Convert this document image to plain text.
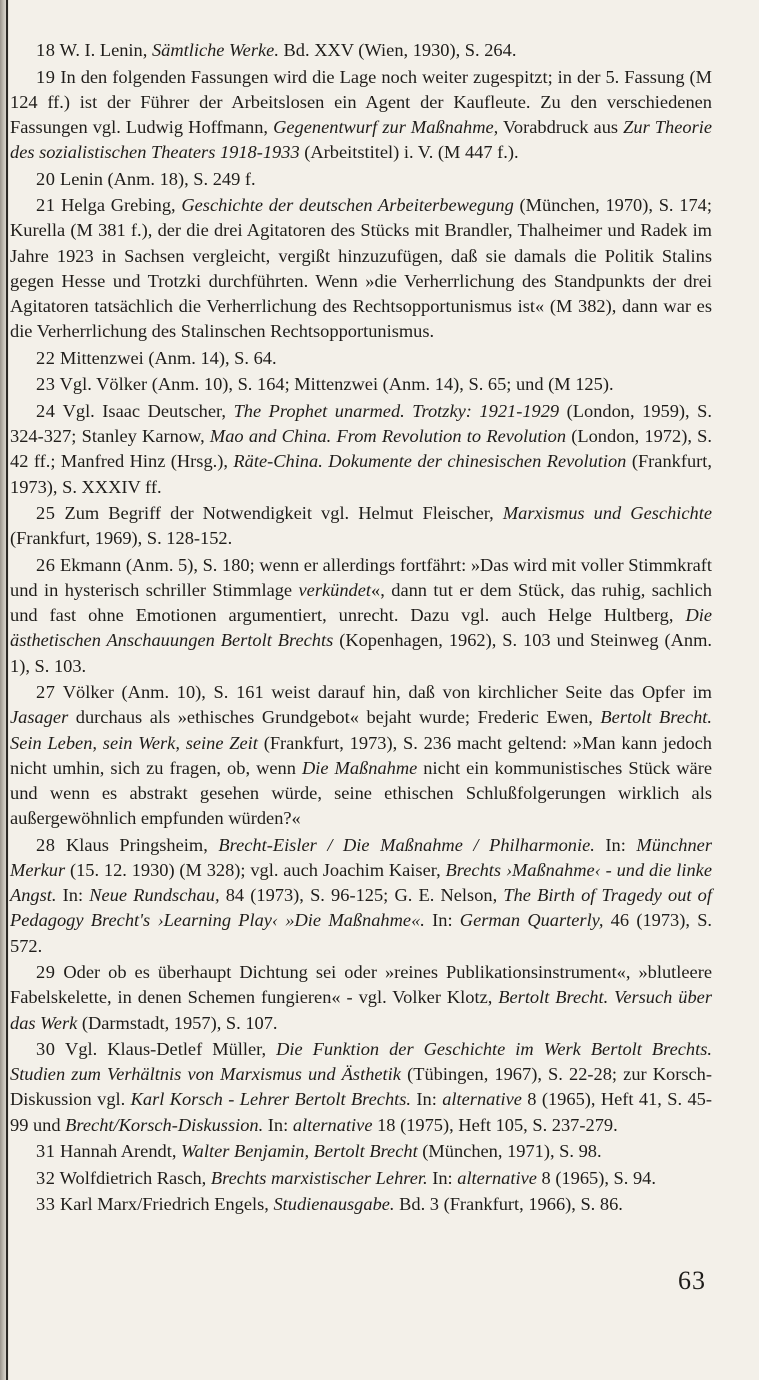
18 W. I. Lenin, Sämtliche Werke. Bd. XXV (Wien, 1930), S. 264.

19 In den folgenden Fassungen wird die Lage noch weiter zugespitzt; in der 5. Fassung (M 124 ff.) ist der Führer der Arbeitslosen ein Agent der Kaufleute. Zu den verschiedenen Fassungen vgl. Ludwig Hoffmann, Gegenentwurf zur Maßnahme, Vorabdruck aus Zur Theorie des sozialistischen Theaters 1918-1933 (Arbeitstitel) i. V. (M 447 f.).

20 Lenin (Anm. 18), S. 249 f.

21 Helga Grebing, Geschichte der deutschen Arbeiterbewegung (München, 1970), S. 174; Kurella (M 381 f.), der die drei Agitatoren des Stücks mit Brandler, Thalheimer und Radek im Jahre 1923 in Sachsen vergleicht, vergißt hinzuzufügen, daß sie damals die Politik Stalins gegen Hesse und Trotzki durchführten. Wenn »die Verherrlichung des Standpunkts der drei Agitatoren tatsächlich die Verherrlichung des Rechtsopportunismus ist« (M 382), dann war es die Verherrlichung des Stalinschen Rechtsopportunismus.

22 Mittenzwei (Anm. 14), S. 64.

23 Vgl. Völker (Anm. 10), S. 164; Mittenzwei (Anm. 14), S. 65; und (M 125).

24 Vgl. Isaac Deutscher, The Prophet unarmed. Trotzky: 1921-1929 (London, 1959), S. 324-327; Stanley Karnow, Mao and China. From Revolution to Revolution (London, 1972), S. 42 ff.; Manfred Hinz (Hrsg.), Räte-China. Dokumente der chinesischen Revolution (Frankfurt, 1973), S. XXXIV ff.

25 Zum Begriff der Notwendigkeit vgl. Helmut Fleischer, Marxismus und Geschichte (Frankfurt, 1969), S. 128-152.

26 Ekmann (Anm. 5), S. 180; wenn er allerdings fortfährt: »Das wird mit voller Stimmkraft und in hysterisch schriller Stimmlage verkündet«, dann tut er dem Stück, das ruhig, sachlich und fast ohne Emotionen argumentiert, unrecht. Dazu vgl. auch Helge Hultberg, Die ästhetischen Anschauungen Bertolt Brechts (Kopenhagen, 1962), S. 103 und Steinweg (Anm. 1), S. 103.

27 Völker (Anm. 10), S. 161 weist darauf hin, daß von kirchlicher Seite das Opfer im Jasager durchaus als »ethisches Grundgebot« bejaht wurde; Frederic Ewen, Bertolt Brecht. Sein Leben, sein Werk, seine Zeit (Frankfurt, 1973), S. 236 macht geltend: »Man kann jedoch nicht umhin, sich zu fragen, ob, wenn Die Maßnahme nicht ein kommunistisches Stück wäre und wenn es abstrakt gesehen würde, seine ethischen Schlußfolgerungen wirklich als außergewöhnlich empfunden würden?«

28 Klaus Pringsheim, Brecht-Eisler / Die Maßnahme / Philharmonie. In: Münchner Merkur (15. 12. 1930) (M 328); vgl. auch Joachim Kaiser, Brechts ›Maßnahme‹ - und die linke Angst. In: Neue Rundschau, 84 (1973), S. 96-125; G. E. Nelson, The Birth of Tragedy out of Pedagogy Brecht's ›Learning Play‹ »Die Maßnahme«. In: German Quarterly, 46 (1973), S. 572.

29 Oder ob es überhaupt Dichtung sei oder »reines Publikationsinstrument«, »blutleere Fabelskelette, in denen Schemen fungieren« - vgl. Volker Klotz, Bertolt Brecht. Versuch über das Werk (Darmstadt, 1957), S. 107.

30 Vgl. Klaus-Detlef Müller, Die Funktion der Geschichte im Werk Bertolt Brechts. Studien zum Verhältnis von Marxismus und Ästhetik (Tübingen, 1967), S. 22-28; zur Korsch-Diskussion vgl. Karl Korsch - Lehrer Bertolt Brechts. In: alternative 8 (1965), Heft 41, S. 45-99 und Brecht/Korsch-Diskussion. In: alternative 18 (1975), Heft 105, S. 237-279.

31 Hannah Arendt, Walter Benjamin, Bertolt Brecht (München, 1971), S. 98.

32 Wolfdietrich Rasch, Brechts marxistischer Lehrer. In: alternative 8 (1965), S. 94.

33 Karl Marx/Friedrich Engels, Studienausgabe. Bd. 3 (Frankfurt, 1966), S. 86.

63
